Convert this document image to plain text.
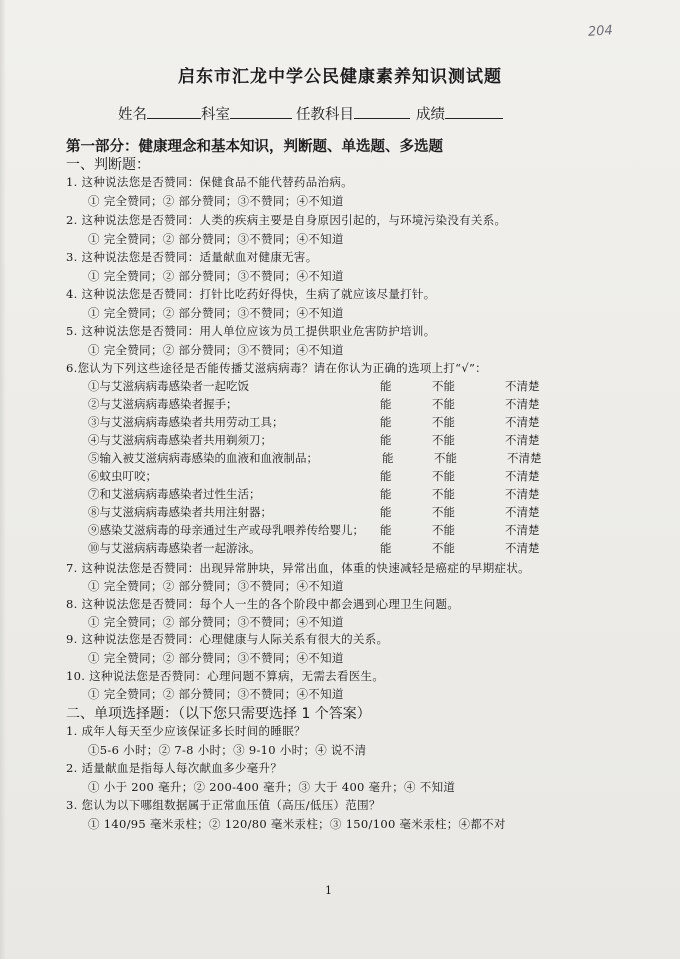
204
启东市汇龙中学公民健康素养知识测试题
姓名	科室	任教科目	成绩
第一部分：健康理念和基本知识，判断题、单选题、多选题
一、判断题：
1. 这种说法您是否赞同：保健食品不能代替药品治病。
① 完全赞同；② 部分赞同；③不赞同；④不知道
2. 这种说法您是否赞同：人类的疾病主要是自身原因引起的，与环境污染没有关系。
① 完全赞同；② 部分赞同；③不赞同；④不知道
3. 这种说法您是否赞同：适量献血对健康无害。
① 完全赞同；② 部分赞同；③不赞同；④不知道
4. 这种说法您是否赞同：打针比吃药好得快，生病了就应该尽量打针。
① 完全赞同；② 部分赞同；③不赞同；④不知道
5. 这种说法您是否赞同：用人单位应该为员工提供职业危害防护培训。
① 完全赞同；② 部分赞同；③不赞同；④不知道
6.您认为下列这些途径是否能传播艾滋病病毒？请在你认为正确的选项上打“√”：
①与艾滋病病毒感染者一起吃饭	能	不能	不清楚
②与艾滋病病毒感染者握手；	能	不能	不清楚
③与艾滋病病毒感染者共用劳动工具；	能	不能	不清楚
④与艾滋病病毒感染者共用剃须刀；	能	不能	不清楚
⑤输入被艾滋病病毒感染的血液和血液制品；	能	不能	不清楚
⑥蚊虫叮咬；	能	不能	不清楚
⑦和艾滋病病毒感染者过性生活；	能	不能	不清楚
⑧与艾滋病病毒感染者共用注射器；	能	不能	不清楚
⑨感染艾滋病毒的母亲通过生产或母乳喂养传给婴儿； 能	不能	不清楚
⑩与艾滋病病毒感染者一起游泳。	能	不能	不清楚
7. 这种说法您是否赞同：出现异常肿块，异常出血，体重的快速减轻是癌症的早期症状。
① 完全赞同；② 部分赞同；③不赞同；④不知道
8. 这种说法您是否赞同：每个人一生的各个阶段中都会遇到心理卫生问题。
① 完全赞同；② 部分赞同；③不赞同；④不知道
9. 这种说法您是否赞同：心理健康与人际关系有很大的关系。
① 完全赞同；② 部分赞同；③不赞同；④不知道
10. 这种说法您是否赞同：心理问题不算病，无需去看医生。
① 完全赞同；② 部分赞同；③不赞同；④不知道
二、单项选择题：（以下您只需要选择 1 个答案）
1. 成年人每天至少应该保证多长时间的睡眠？
①5-6 小时；② 7-8 小时；③ 9-10 小时；④ 说不清
2. 适量献血是指每人每次献血多少毫升？
① 小于 200 毫升；② 200-400 毫升；③ 大于 400 毫升；④ 不知道
3. 您认为以下哪组数据属于正常血压值（高压/低压）范围？
① 140/95 毫米汞柱；② 120/80 毫米汞柱；③ 150/100 毫米汞柱；④都不对
1
